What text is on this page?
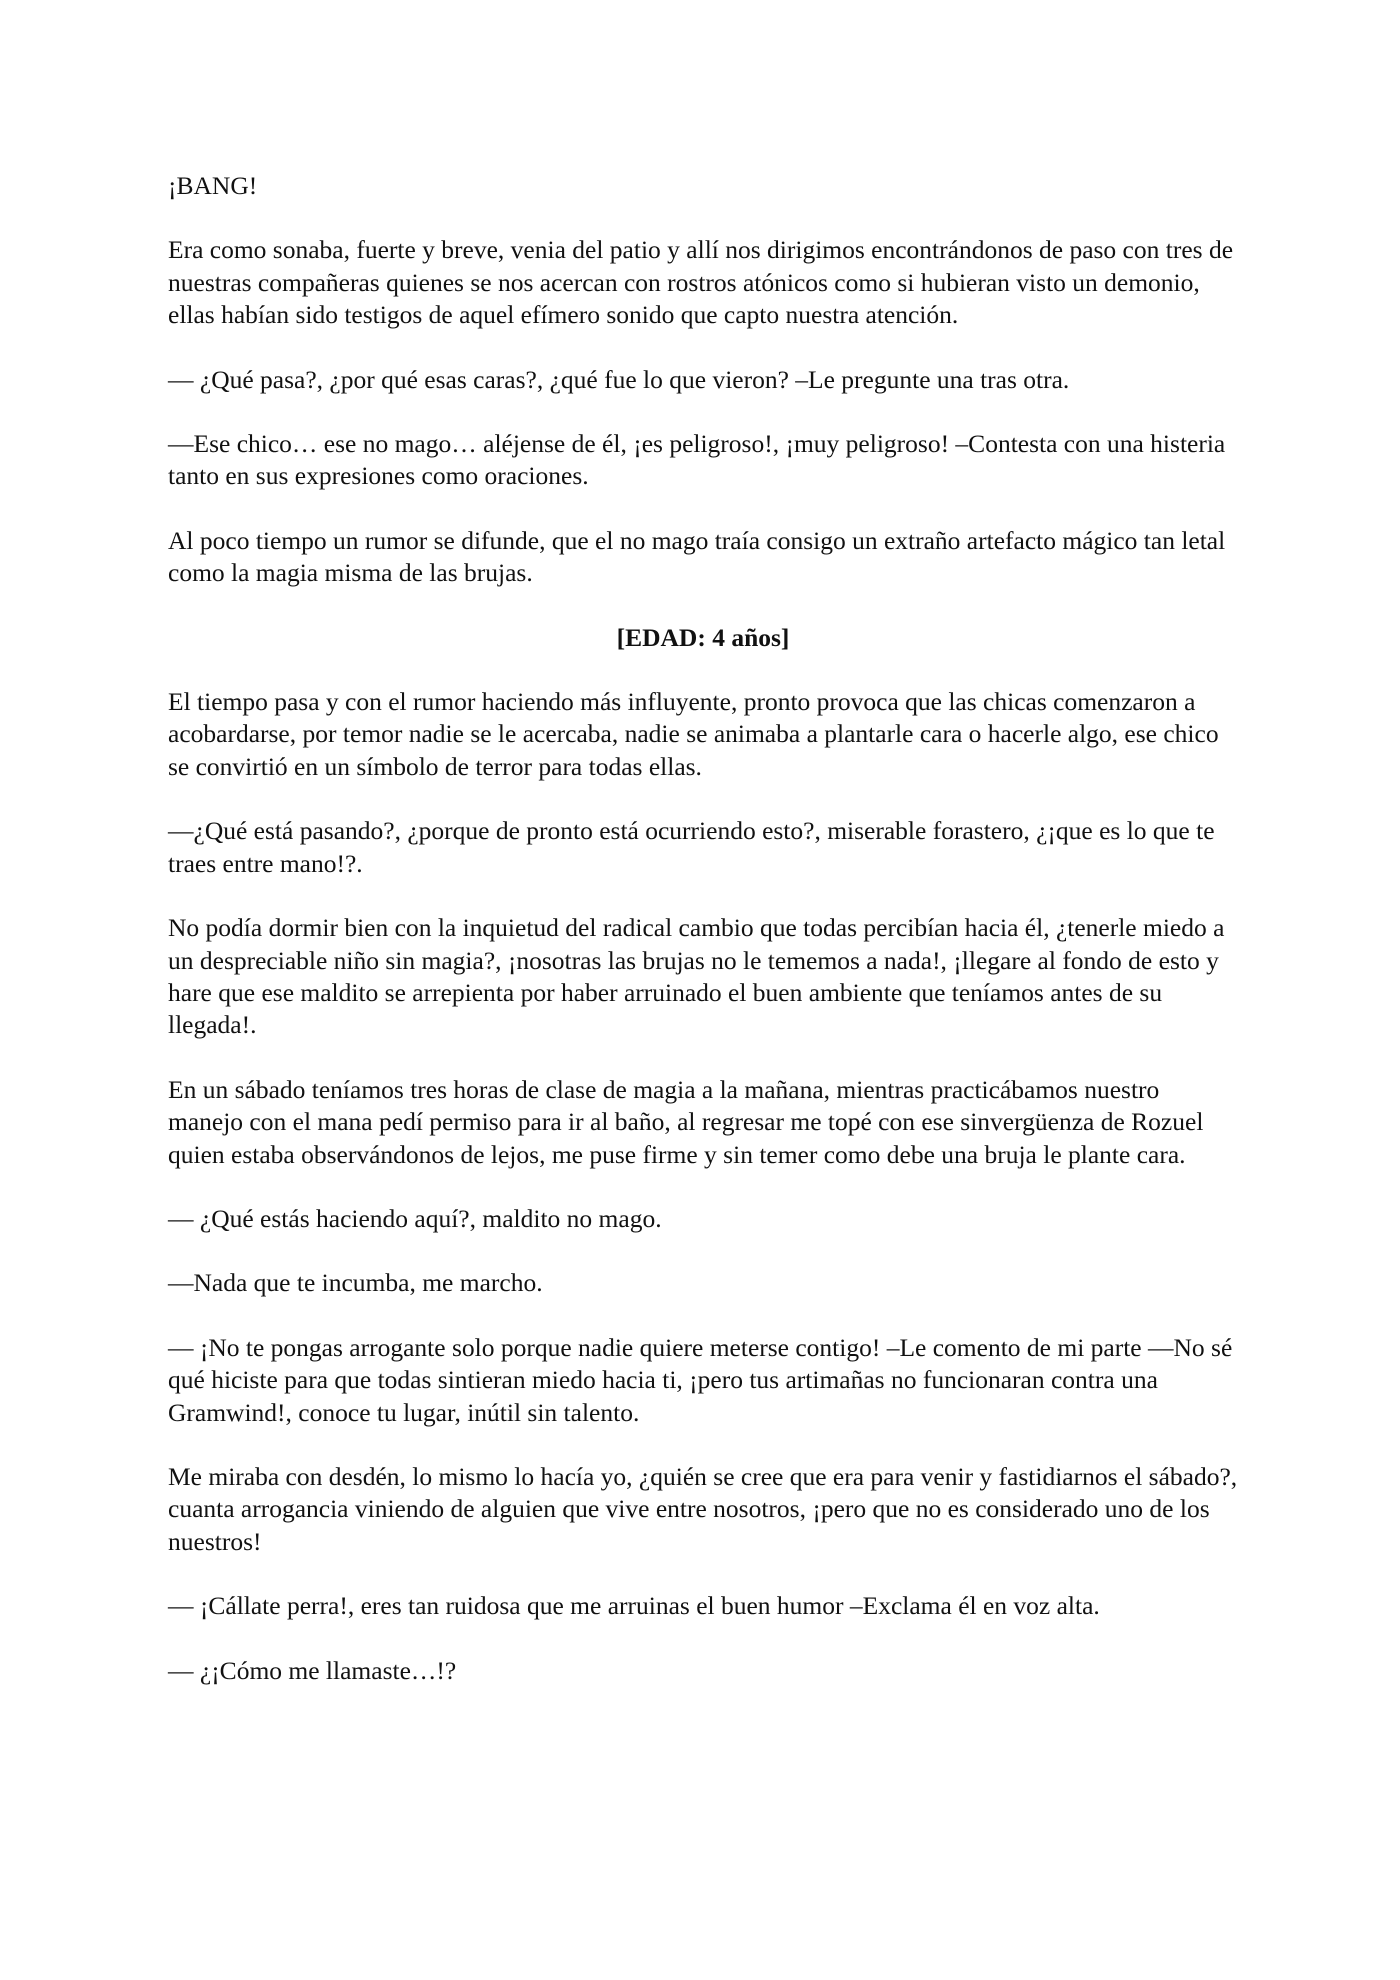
¡BANG!

Era como sonaba, fuerte y breve, venia del patio y allí nos dirigimos encontrándonos de paso con tres de nuestras compañeras quienes se nos acercan con rostros atónicos como si hubieran visto un demonio, ellas habían sido testigos de aquel efímero sonido que capto nuestra atención.

— ¿Qué pasa?, ¿por qué esas caras?, ¿qué fue lo que vieron? –Le pregunte una tras otra.

—Ese chico… ese no mago… aléjense de él, ¡es peligroso!, ¡muy peligroso! –Contesta con una histeria tanto en sus expresiones como oraciones.

Al poco tiempo un rumor se difunde, que el no mago traía consigo un extraño artefacto mágico tan letal como la magia misma de las brujas.

[EDAD: 4 años]

El tiempo pasa y con el rumor haciendo más influyente, pronto provoca que las chicas comenzaron a acobardarse, por temor nadie se le acercaba, nadie se animaba a plantarle cara o hacerle algo, ese chico se convirtió en un símbolo de terror para todas ellas.

—¿Qué está pasando?, ¿porque de pronto está ocurriendo esto?, miserable forastero, ¿¡que es lo que te traes entre mano!?.

No podía dormir bien con la inquietud del radical cambio que todas percibían hacia él, ¿tenerle miedo a un despreciable niño sin magia?, ¡nosotras las brujas no le tememos a nada!, ¡llegare al fondo de esto y hare que ese maldito se arrepienta por haber arruinado el buen ambiente que teníamos antes de su llegada!.

En un sábado teníamos tres horas de clase de magia a la mañana, mientras practicábamos nuestro manejo con el mana pedí permiso para ir al baño, al regresar me topé con ese sinvergüenza de Rozuel quien estaba observándonos de lejos, me puse firme y sin temer como debe una bruja le plante cara.

— ¿Qué estás haciendo aquí?, maldito no mago.

—Nada que te incumba, me marcho.

— ¡No te pongas arrogante solo porque nadie quiere meterse contigo! –Le comento de mi parte —No sé qué hiciste para que todas sintieran miedo hacia ti, ¡pero tus artimañas no funcionaran contra una Gramwind!, conoce tu lugar, inútil sin talento.

Me miraba con desdén, lo mismo lo hacía yo, ¿quién se cree que era para venir y fastidiarnos el sábado?, cuanta arrogancia viniendo de alguien que vive entre nosotros, ¡pero que no es considerado uno de los nuestros!

— ¡Cállate perra!, eres tan ruidosa que me arruinas el buen humor –Exclama él en voz alta.

— ¿¡Cómo me llamaste…!?
